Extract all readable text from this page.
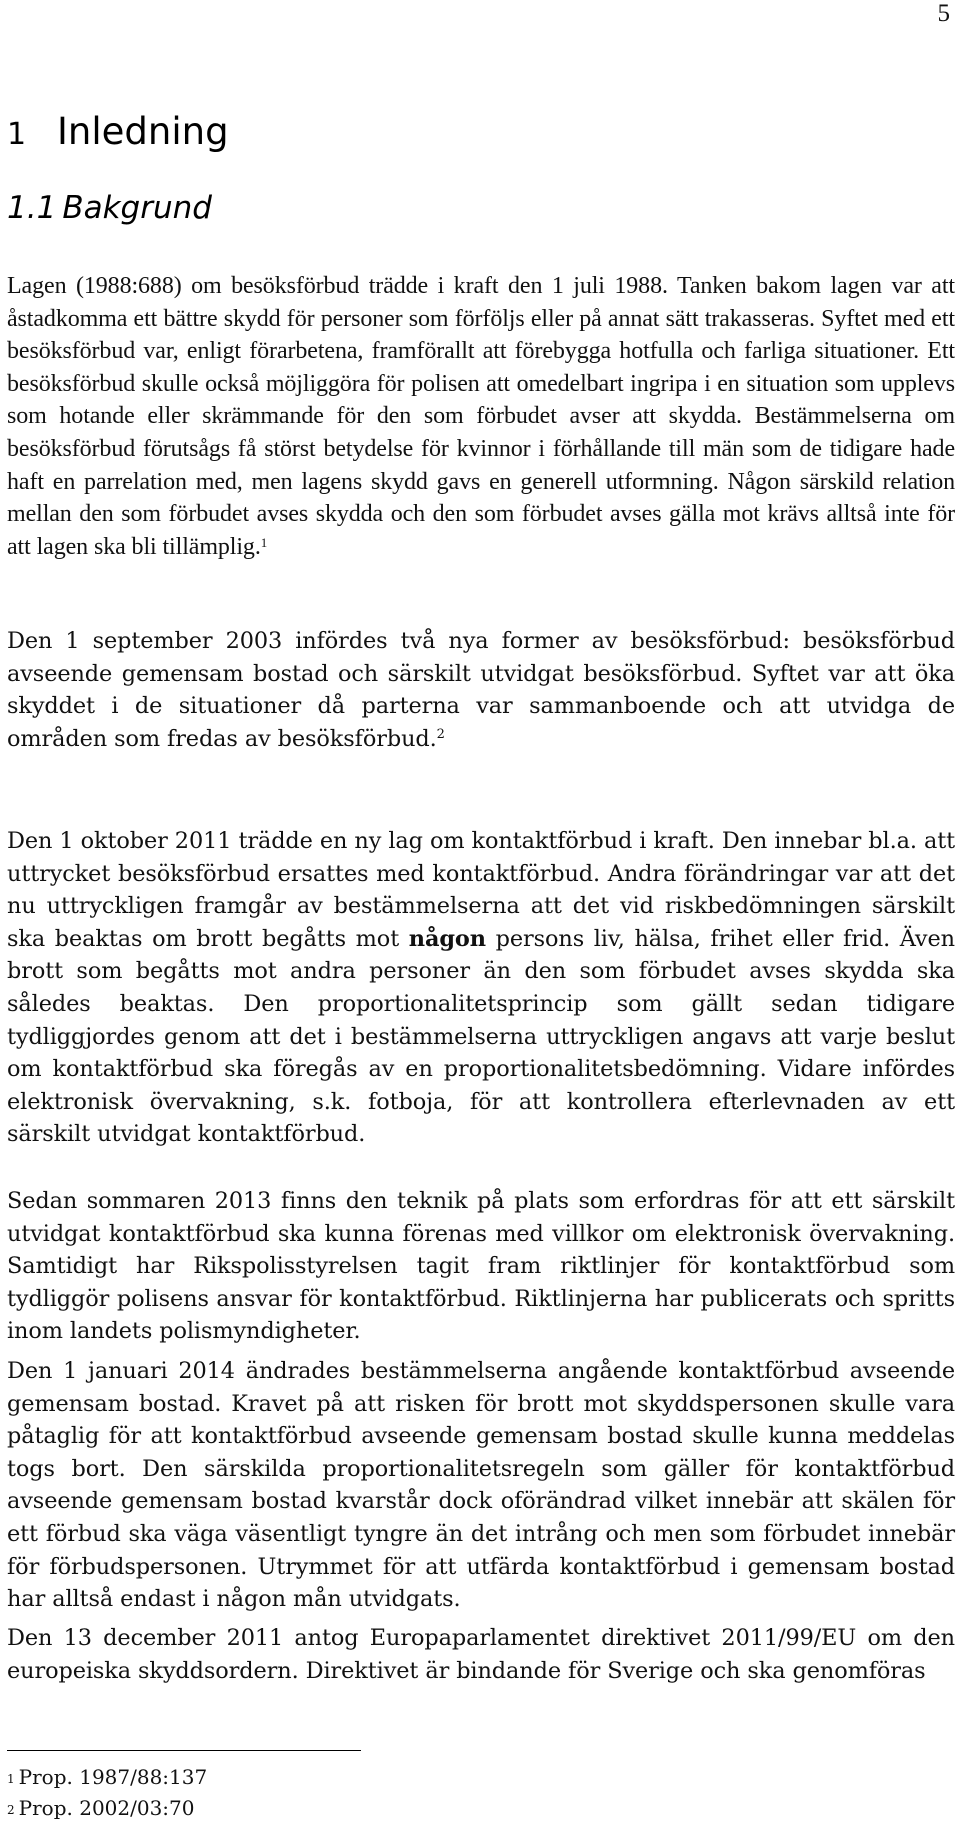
5
1 Inledning
1.1 Bakgrund

Lagen (1988:688) om besöksförbud trädde i kraft den 1 juli 1988. Tanken bakom lagen var att åstadkomma ett bättre skydd för personer som förföljs eller på annat sätt trakasseras. Syftet med ett besöksförbud var, enligt förarbetena, framförallt att förebygga hotfulla och farliga situationer. Ett besöksförbud skulle också möjliggöra för polisen att omedelbart ingripa i en situation som upplevs som hotande eller skrämmande för den som förbudet avser att skydda. Bestämmelserna om besöksförbud förutsågs få störst betydelse för kvinnor i förhållande till män som de tidigare hade haft en parrelation med, men lagens skydd gavs en generell utformning. Någon särskild relation mellan den som förbudet avses skydda och den som förbudet avses gälla mot krävs alltså inte för att lagen ska bli tillämplig.$^1$

Den 1 september 2003 infördes två nya former av besöksförbud: besöksförbud avseende gemensam bostad och särskilt utvidgat besöksförbud. Syftet var att öka skyddet i de situationer då parterna var sammanboende och att utvidga de områden som fredas av besöksförbud.$^2$

Den 1 oktober 2011 trädde en ny lag om kontaktförbud i kraft. Den innebar bl.a. att uttrycket besöksförbud ersattes med kontaktförbud. Andra förändringar var att det nu uttryckligen framgår av bestämmelserna att det vid riskbedömningen särskilt ska beaktas om brott begåtts mot någon persons liv, hälsa, frihet eller frid. Även brott som begåtts mot andra personer än den som förbudet avses skydda ska således beaktas. Den proportionalitetsprincip som gällt sedan tidigare tydliggjordes genom att det i bestämmelserna uttryckligen angavs att varje beslut om kontaktförbud ska föregås av en proportionalitetsbedömning. Vidare infördes elektronisk övervakning, s.k. fotboja, för att kontrollera efterlevnaden av ett särskilt utvidgat kontaktförbud.

Sedan sommaren 2013 finns den teknik på plats som erfordras för att ett särskilt utvidgat kontaktförbud ska kunna förenas med villkor om elektronisk övervakning. Samtidigt har Rikspolisstyrelsen tagit fram riktlinjer för kontaktförbud som tydliggör polisens ansvar för kontaktförbud. Riktlinjerna har publicerats och spritts inom landets polismyndigheter.

Den 1 januari 2014 ändrades bestämmelserna angående kontaktförbud avseende gemensam bostad. Kravet på att risken för brott mot skyddspersonen skulle vara påtaglig för att kontaktförbud avseende gemensam bostad skulle kunna meddelas togs bort. Den särskilda proportionalitetsregeln som gäller för kontaktförbud avseende gemensam bostad kvarstår dock oförändrad vilket innebär att skälen för ett förbud ska väga väsentligt tyngre än det intrång och men som förbudet innebär för förbudspersonen. Utrymmet för att utfärda kontaktförbud i gemensam bostad har alltså endast i någon mån utvidgats.

Den 13 december 2011 antog Europaparlamentet direktivet 2011/99/EU om den europeiska skyddsordern. Direktivet är bindande för Sverige och ska genomföras

$^1$ Prop. 1987/88:137
$^2$ Prop. 2002/03:70
